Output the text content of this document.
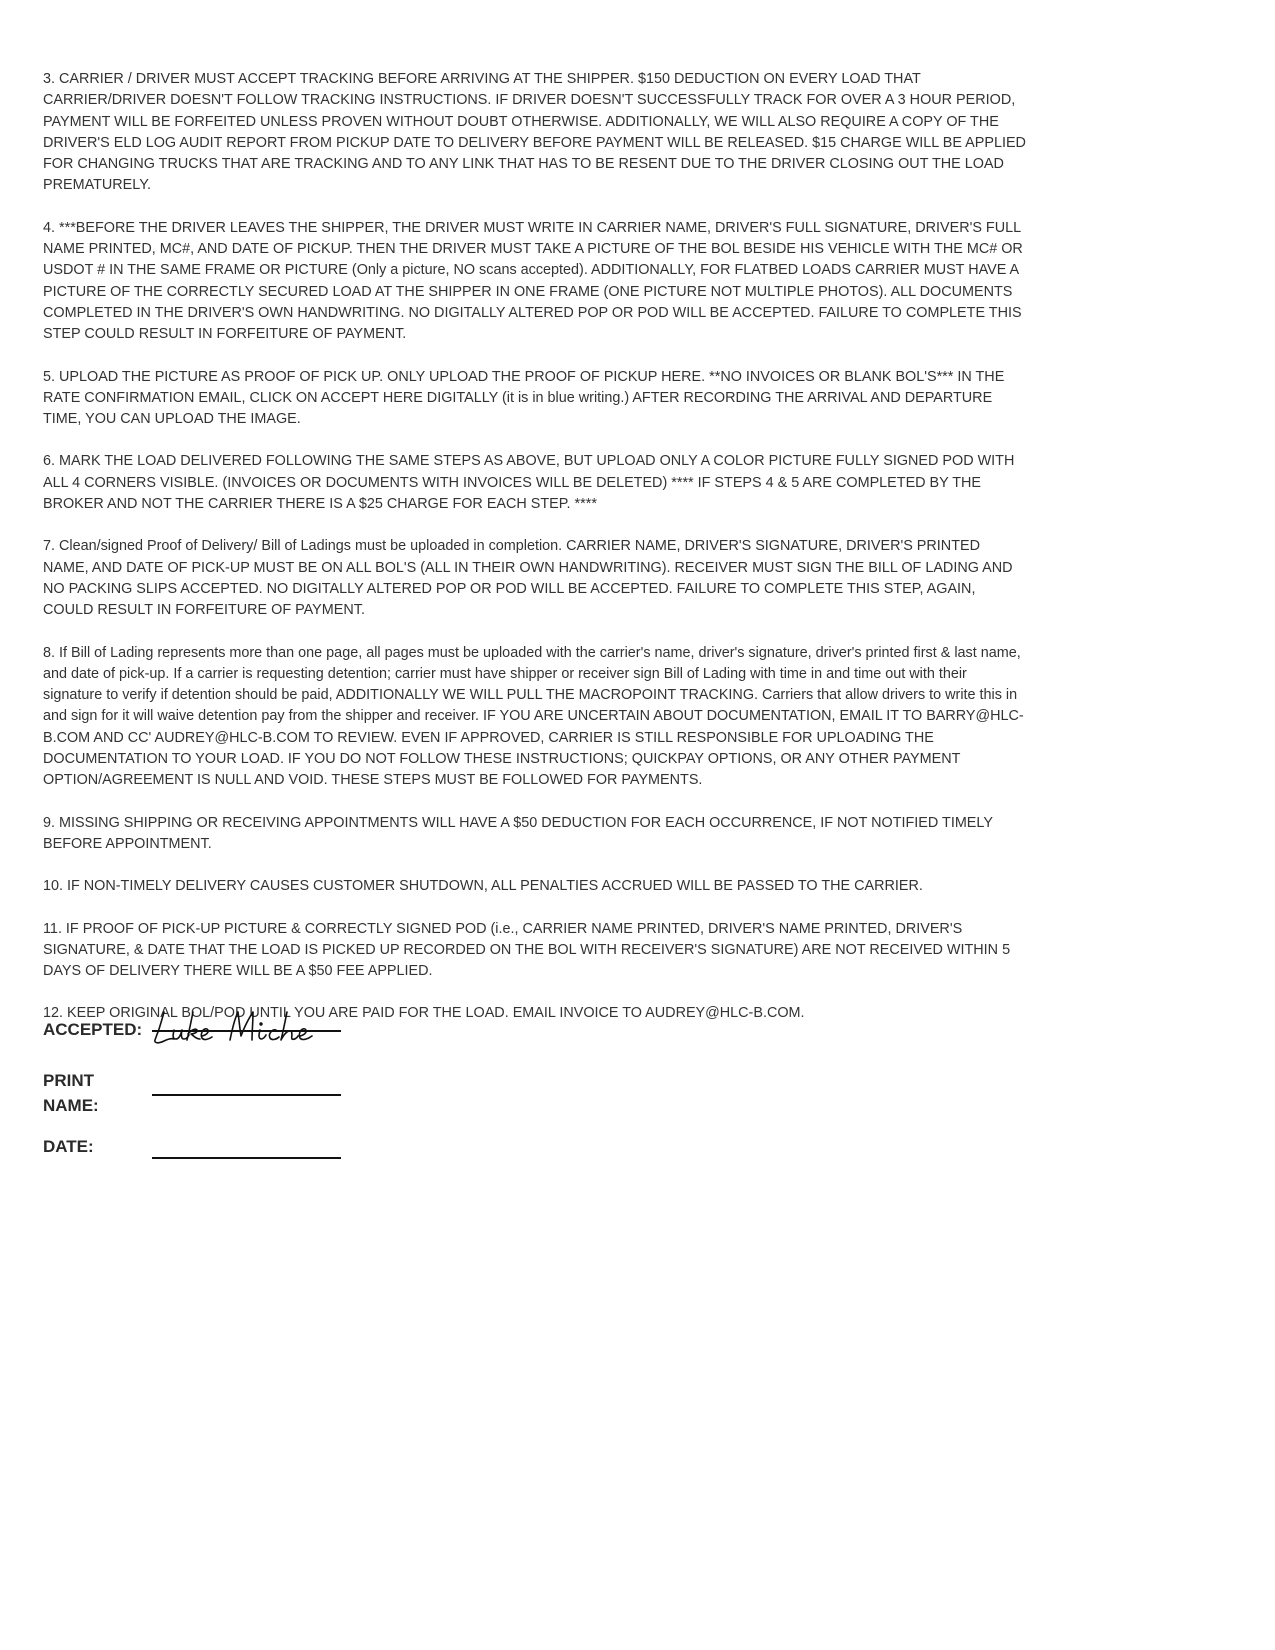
3. CARRIER / DRIVER MUST ACCEPT TRACKING BEFORE ARRIVING AT THE SHIPPER. $150 DEDUCTION ON EVERY LOAD THAT CARRIER/DRIVER DOESN'T FOLLOW TRACKING INSTRUCTIONS. IF DRIVER DOESN'T SUCCESSFULLY TRACK FOR OVER A 3 HOUR PERIOD, PAYMENT WILL BE FORFEITED UNLESS PROVEN WITHOUT DOUBT OTHERWISE. ADDITIONALLY, WE WILL ALSO REQUIRE A COPY OF THE DRIVER'S ELD LOG AUDIT REPORT FROM PICKUP DATE TO DELIVERY BEFORE PAYMENT WILL BE RELEASED. $15 CHARGE WILL BE APPLIED FOR CHANGING TRUCKS THAT ARE TRACKING AND TO ANY LINK THAT HAS TO BE RESENT DUE TO THE DRIVER CLOSING OUT THE LOAD PREMATURELY.

4. ***BEFORE THE DRIVER LEAVES THE SHIPPER, THE DRIVER MUST WRITE IN CARRIER NAME, DRIVER'S FULL SIGNATURE, DRIVER'S FULL NAME PRINTED, MC#, AND DATE OF PICKUP. THEN THE DRIVER MUST TAKE A PICTURE OF THE BOL BESIDE HIS VEHICLE WITH THE MC# OR USDOT # IN THE SAME FRAME OR PICTURE (Only a picture, NO scans accepted). ADDITIONALLY, FOR FLATBED LOADS CARRIER MUST HAVE A PICTURE OF THE CORRECTLY SECURED LOAD AT THE SHIPPER IN ONE FRAME (ONE PICTURE NOT MULTIPLE PHOTOS). ALL DOCUMENTS COMPLETED IN THE DRIVER'S OWN HANDWRITING. NO DIGITALLY ALTERED POP OR POD WILL BE ACCEPTED. FAILURE TO COMPLETE THIS STEP COULD RESULT IN FORFEITURE OF PAYMENT.

5. UPLOAD THE PICTURE AS PROOF OF PICK UP. ONLY UPLOAD THE PROOF OF PICKUP HERE. **NO INVOICES OR BLANK BOL'S*** IN THE RATE CONFIRMATION EMAIL, CLICK ON ACCEPT HERE DIGITALLY (it is in blue writing.) AFTER RECORDING THE ARRIVAL AND DEPARTURE TIME, YOU CAN UPLOAD THE IMAGE.

6. MARK THE LOAD DELIVERED FOLLOWING THE SAME STEPS AS ABOVE, BUT UPLOAD ONLY A COLOR PICTURE FULLY SIGNED POD WITH ALL 4 CORNERS VISIBLE. (INVOICES OR DOCUMENTS WITH INVOICES WILL BE DELETED) **** IF STEPS 4 & 5 ARE COMPLETED BY THE BROKER AND NOT THE CARRIER THERE IS A $25 CHARGE FOR EACH STEP. ****

7. Clean/signed Proof of Delivery/ Bill of Ladings must be uploaded in completion. CARRIER NAME, DRIVER'S SIGNATURE, DRIVER'S PRINTED NAME, AND DATE OF PICK-UP MUST BE ON ALL BOL'S (ALL IN THEIR OWN HANDWRITING). RECEIVER MUST SIGN THE BILL OF LADING AND NO PACKING SLIPS ACCEPTED. NO DIGITALLY ALTERED POP OR POD WILL BE ACCEPTED. FAILURE TO COMPLETE THIS STEP, AGAIN, COULD RESULT IN FORFEITURE OF PAYMENT.

8. If Bill of Lading represents more than one page, all pages must be uploaded with the carrier's name, driver's signature, driver's printed first & last name, and date of pick-up. If a carrier is requesting detention; carrier must have shipper or receiver sign Bill of Lading with time in and time out with their signature to verify if detention should be paid, ADDITIONALLY WE WILL PULL THE MACROPOINT TRACKING. Carriers that allow drivers to write this in and sign for it will waive detention pay from the shipper and receiver. IF YOU ARE UNCERTAIN ABOUT DOCUMENTATION, EMAIL IT TO BARRY@HLC-B.COM AND CC' AUDREY@HLC-B.COM TO REVIEW. EVEN IF APPROVED, CARRIER IS STILL RESPONSIBLE FOR UPLOADING THE DOCUMENTATION TO YOUR LOAD. IF YOU DO NOT FOLLOW THESE INSTRUCTIONS; QUICKPAY OPTIONS, OR ANY OTHER PAYMENT OPTION/AGREEMENT IS NULL AND VOID. THESE STEPS MUST BE FOLLOWED FOR PAYMENTS.

9. MISSING SHIPPING OR RECEIVING APPOINTMENTS WILL HAVE A $50 DEDUCTION FOR EACH OCCURRENCE, IF NOT NOTIFIED TIMELY BEFORE APPOINTMENT.

10. IF NON-TIMELY DELIVERY CAUSES CUSTOMER SHUTDOWN, ALL PENALTIES ACCRUED WILL BE PASSED TO THE CARRIER.

11. IF PROOF OF PICK-UP PICTURE & CORRECTLY SIGNED POD (i.e., CARRIER NAME PRINTED, DRIVER'S NAME PRINTED, DRIVER'S SIGNATURE, & DATE THAT THE LOAD IS PICKED UP RECORDED ON THE BOL WITH RECEIVER'S SIGNATURE) ARE NOT RECEIVED WITHIN 5 DAYS OF DELIVERY THERE WILL BE A $50 FEE APPLIED.

12. KEEP ORIGINAL BOL/POD UNTIL YOU ARE PAID FOR THE LOAD. EMAIL INVOICE TO AUDREY@HLC-B.COM.

ACCEPTED:
PRINT
NAME:
DATE:
